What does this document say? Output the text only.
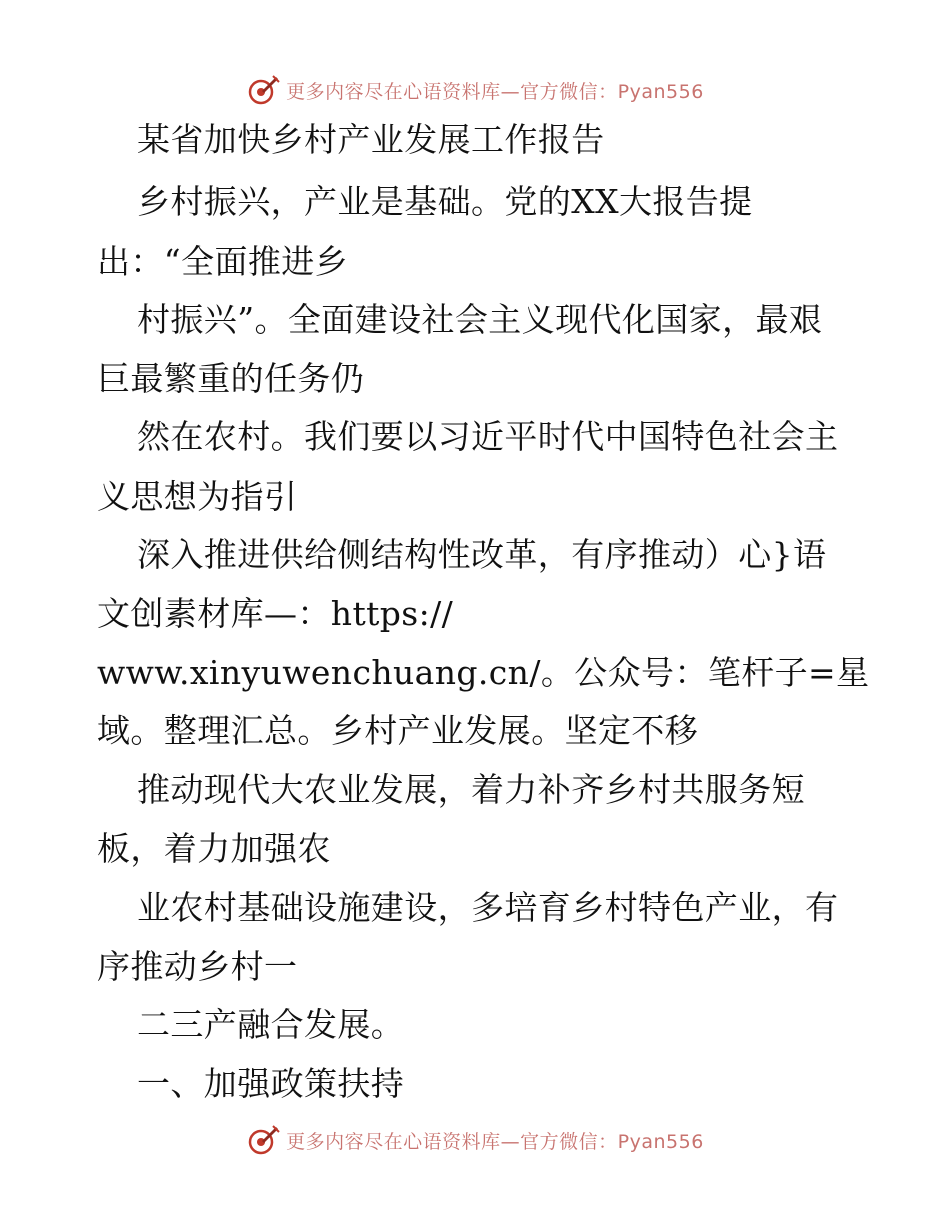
更多内容尽在心语资料库—官方微信：Pyan556
某省加快乡村产业发展工作报告
乡村振兴，产业是基础。党的XX大报告提
出：“全面推进乡
村振兴”。全面建设社会主义现代化国家，最艰
巨最繁重的任务仍
然在农村。我们要以习近平时代中国特色社会主
义思想为指引
深入推进供给侧结构性改革，有序推动）心}语
文创素材库—：https://
www.xinyuwenchuang.cn/。公众号：笔杆子=星
域。整理汇总。乡村产业发展。坚定不移
推动现代大农业发展，着力补齐乡村共服务短
板，着力加强农
业农村基础设施建设，多培育乡村特色产业，有
序推动乡村一
二三产融合发展。
一、加强政策扶持
更多内容尽在心语资料库—官方微信：Pyan556
